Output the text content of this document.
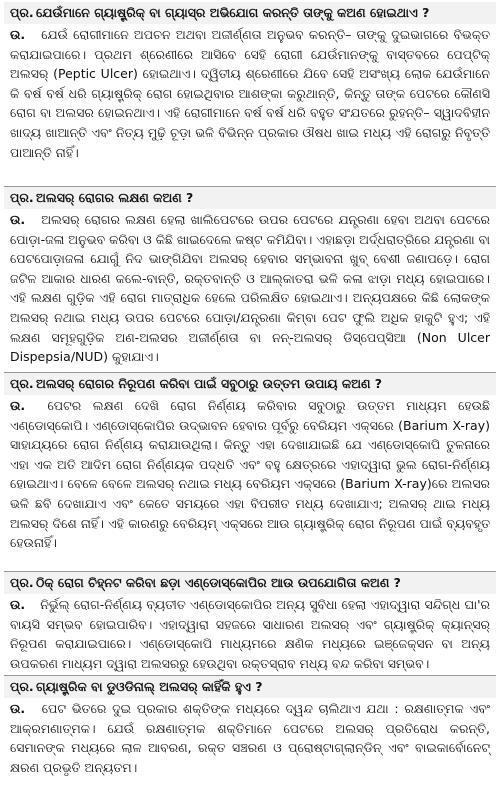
ପ୍ର. ଯେଉଁମାନେ ଗ୍ୟାଷ୍ଟ୍ରିକ୍ ବା ଗ୍ୟାସ୍‌ର ଅଭିଯୋଗ କରନ୍ତି ତାଙ୍କୁ କଅଣ ହୋଇଥାଏ ?
ଉ. ଯେଉଁ ରୋଗୀମାନେ ଅପଚନ ଅଥବା ଅଜୀର୍ଣ୍ଣତା ଅନୁଭବ କରନ୍ତି– ତାଙ୍କୁ ଦୁଇଭାଗରେ ବିଭକ୍ତ କରାଯାଇପାରେ। ପ୍ରଥମ ଶ୍ରେଣୀରେ ଆସିବେ ସେହି ରୋଗୀ ଯେଉଁମାନଙ୍କୁ ବାସ୍ତବରେ ପେପ୍ଟିକ୍ ଅଲସର୍ (Peptic Ulcer) ହୋଇଥାଏ। ଦ୍ୱିତୀୟ ଶ୍ରେଣୀରେ ଯିବେ ସେହି ଅସଂଖ୍ୟ ଲୋକ ଯେଉଁମାନେ କି ବର୍ଷ ବର୍ଷ ଧରି ଗ୍ୟାଷ୍ଟ୍ରିକ୍ ରୋଗ ହୋଇଥିବାର ଆଶଙ୍କା କରୁଥାନ୍ତି, କିନ୍ତୁ ତାଙ୍କ ପେଟରେ କୌଣସି ରୋଗ ବା ଅଲସର ହୋଇନଥାଏ। ଏହି ରୋଗୀମାନେ ବର୍ଷ ବର୍ଷ ଧରି ବହୁତ ସଂଯତରେ ରୁହନ୍ତି– ସ୍ୱାଦବିହୀନ ଖାଦ୍ୟ ଖାଆନ୍ତି ଏବଂ ନିତ୍ୟ ମୁଢ଼ି ଚୂଡ଼ା ଭଳି ବିଭିନ୍ନ ପ୍ରକାର ଔଷଧ ଖାଇ ମଧ୍ୟ ଏହି ରୋଗରୁ ନିବୃତ୍ତି ପାଆନ୍ତି ନାହିଁ।
ପ୍ର. ଅଲସର୍ ରୋଗର ଲକ୍ଷଣ କଅଣ ?
ଉ. ଅଲସର୍ ରୋଗର ଲକ୍ଷଣ ହେଲା ଖାଲିପେଟରେ ଉପର ପେଟରେ ଯନ୍ତ୍ରଣା ହେବା ଅଥବା ପେଟରେ ପୋଡ଼ା-ଜଳା ଅନୁଭବ କରିବା ଓ କିଛି ଖାଇଦେଲେ କଷ୍ଟ କମିଯିବା। ଏହାଛଡ଼ା ଅର୍ଦ୍ଧରାତ୍ରିରେ ଯନ୍ତ୍ରଣା ବା ପେଟପୋଡ଼ାଜଳା ଯୋଗୁଁ ନିଦ ଭାଙ୍ଗିଯିବା ଅଲସର୍ ହେବାର ସମ୍ଭାବନା ଖୁବ୍ ବେଶୀ ଜଣାପଡ଼େ। ରୋଗ ଜଟିଳ ଆକାର ଧାରଣ କଲେ-ବାନ୍ତି, ରକ୍ତବାନ୍ତି ଓ ଆଲ୍‌କାତରା ଭଳି କଳା ଝାଡ଼ା ମଧ୍ୟ ହୋଇପାରେ। ଏହି ଲକ୍ଷଣ ଗୁଡ଼ିକ ଏହି ରୋଗ ମାତ୍ରାଧିକ ହେଲେ ପରିଲକ୍ଷିତ ହୋଇଥାଏ। ଅନ୍ୟପକ୍ଷରେ କିଛି ଲୋକଙ୍କ ଅଲସର୍ ନଥାଇ ମଧ୍ୟ ଉପର ପେଟରେ ପୋଡ଼ା/ଯନ୍ତ୍ରଣା କିମ୍ବା ପେଟ ଫୁଲି ଅଧିକ ହାକୁଟି ହୁଏ; ଏହି ଲକ୍ଷଣ ସମୂହଗୁଡ଼ିକ ଅଣ-ଅଲସର ଅଜୀର୍ଣ୍ଣତା ବା ନନ୍-ଅଲସର୍ ଡିସ୍‌ପେପ୍‌ସିଆ (Non Ulcer Dispepsia/NUD) କୁହାଯାଏ।
ପ୍ର. ଅଲସର୍ ରୋଗର ନିରୂପଣ କରିବା ପାଇଁ ସବୁଠାରୁ ଉତ୍ତମ ଉପାୟ କଅଣ ?
ଉ. ପେଟର ଲକ୍ଷଣ ଦେଖି ରୋଗ ନିର୍ଣ୍ଣୟ କରିବାର ସବୁଠାରୁ ଉତ୍ତମ ମାଧ୍ୟମ ହେଉଛି ଏଣ୍ଡୋସ୍କୋପି। ଏଣ୍ଡୋସ୍କୋପିର ଉଦ୍ଭାବନ ହେବାର ପୂର୍ବରୁ ବେରିୟମ ଏକ୍ସରେ (Barium X-ray) ସାହାଯ୍ୟରେ ରୋଗ ନିର୍ଣ୍ଣୟ କରାଯାଉଥିଲା। କିନ୍ତୁ ଏହା ଦେଖାଯାଇଛି ଯେ ଏଣ୍ଡୋସ୍କୋପି ତୁଳନାରେ ଏହା ଏକ ଅତି ଆଦିମ ରୋଗ ନିର୍ଣ୍ଣୟକ ପଦ୍ଧତି ଏବଂ ବହୁ କ୍ଷେତ୍ରରେ ଏହାଦ୍ୱାରା ଭୁଲ ରୋଗ-ନିର୍ଣ୍ଣୟ ହୋଇଥାଏ। ବେଳେ ବେଳେ ଅଲସର୍ ନଥାଇ ମଧ୍ୟ ବେରିୟମ ଏକ୍ସରେ (Barium X-ray)ରେ ଅଲସର ଭଳି ଛବି ଦେଖାଯାଏ ଏବଂ କେତେ ସମୟରେ ଏହା ବିପରୀତ ମଧ୍ୟ ଦେଖାଯାଏ; ଅଲସର୍ ଥାଇ ମଧ୍ୟ ଅଲସର୍ ଦିଶେ ନାହିଁ। ଏହି କାରଣରୁ ବେରିୟମ୍ ଏକ୍ସରେ ଆଉ ଗ୍ୟାଷ୍ଟ୍ରିକ୍ ରୋଗ ନିରୂପଣ ପାଇଁ ବ୍ୟବହୃତ ହେଉନାହିଁ।
ପ୍ର. ଠିକ୍ ରୋଗ ଚିହ୍ନଟ କରିବା ଛଡ଼ା ଏଣ୍ଡୋସ୍କୋପିର ଆଉ ଉପଯୋଗିତା କଅଣ ?
ଉ. ନିର୍ଭୁଲ୍ ରୋଗ-ନିର୍ଣ୍ଣୟ ବ୍ୟତୀତ ଏଣ୍ଡୋସ୍କୋପିର ଅନ୍ୟ ସୁବିଧା ହେଲା ଏହାଦ୍ୱାରା ସନ୍ଦିଗ୍ଧ ଘା'ର ବାୟସି ସମ୍ଭବ ହୋଇପାରିବ। ଏହାଦ୍ୱାରା ସହଜରେ ସାଧାରଣ ଅଲସର୍ ଏବଂ ଗ୍ୟାଷ୍ଟ୍ରିକ୍ କ୍ୟାନ୍‌ସର୍ ନିରୂପଣ କରାଯାଇପାରେ। ଏଣ୍ଡୋସ୍କୋପି ମାଧ୍ୟମରେ କ୍ଷଣିକ ମଧ୍ୟରେ ଇଞ୍ଜେକ୍‌ସନ ବା ଅନ୍ୟ ଉପକରଣ ମାଧ୍ୟମ ଦ୍ୱାରା ଅଲସରରୁ ହେଉଥିବା ରକ୍ତସ୍ରାବ ମଧ୍ୟ ବନ୍ଦ କରିବା ସମ୍ଭବ।
ପ୍ର. ଗ୍ୟାଷ୍ଟ୍ରିକ ବା ଡୁଓଡିନାଲ୍ ଅଲସର୍ କାହିଁକି ହୁଏ ?
ଉ. ପେଟ ଭିତରେ ଦୁଇ ପ୍ରକାର ଶକ୍ତିଙ୍କ ମଧ୍ୟରେ ଦ୍ୱନ୍ଦ ଚାଲିଥାଏ ଯଥା : ରକ୍ଷଣାତ୍ମକ ଏବଂ ଆକ୍ରମଣାତ୍ମକ। ଯେଉଁ ରକ୍ଷଣାତ୍ମକ ଶକ୍ତିମାନେ ପେଟରେ ଅଲସର୍ ପ୍ରତିରୋଧ କରନ୍ତି, ସେମାନଙ୍କ ମଧ୍ୟରେ ଲାଳ ଆବରଣ, ରକ୍ତ ସଞ୍ଚରଣ ଓ ପ୍ରୋଷ୍ଟାଗ୍ଲାନ୍‌ଡିନ୍ ଏବଂ ବାଇକାର୍ବୋନେଟ୍ କ୍ଷରଣ ପ୍ରଭୃତି ଅନ୍ୟତମ।
